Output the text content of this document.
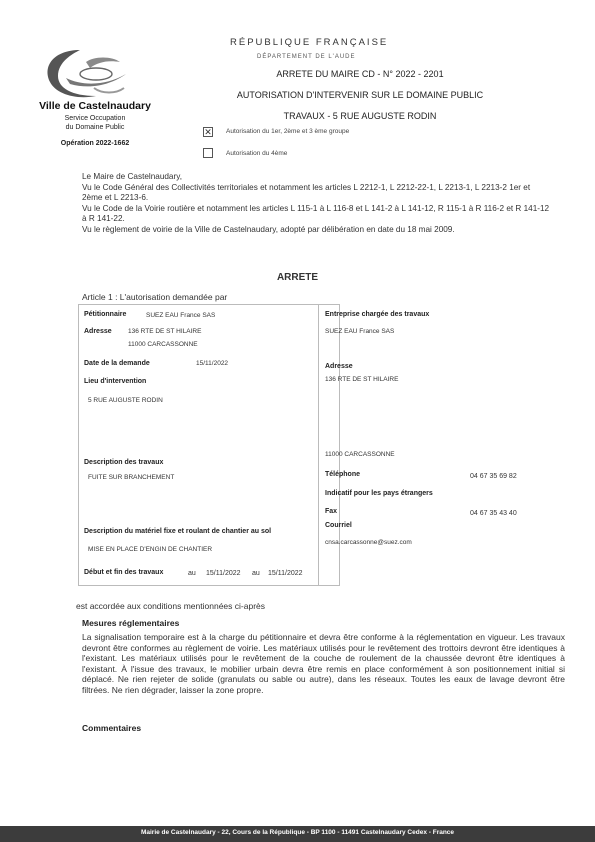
Ville de Castelnaudary
Service Occupation
du Domaine Public
Opération 2022-1662
RÉPUBLIQUE FRANÇAISE
DÉPARTEMENT DE L'AUDE
ARRETE DU MAIRE CD - N° 2022 - 2201
AUTORISATION D'INTERVENIR SUR LE DOMAINE PUBLIC
TRAVAUX - 5 RUE AUGUSTE RODIN
✕ Autorisation du 1er, 2ème et 3 ème groupe
Autorisation du 4ème

Le Maire de Castelnaudary,

Vu le Code Général des Collectivités territoriales et notamment les articles L 2212-1, L 2212-22-1, L 2213-1, L 2213-2 1er et 2ème et L 2213-6.

Vu le Code de la Voirie routière et notamment les articles L 115-1 à L 116-8 et L 141-2 à L 141-12, R 115-1 à R 116-2 et R 141-12 à R 141-22.

Vu le règlement de voirie de la Ville de Castelnaudary, adopté par délibération en date du 18 mai 2009.

ARRETE
Article 1 : L'autorisation demandée par
Pétitionnaire	SUEZ EAU France SAS
Adresse	136 RTE DE ST HILAIRE
11000 CARCASSONNE
Date de la demande	15/11/2022
Lieu d'intervention
5 RUE AUGUSTE RODIN
Description des travaux
FUITE SUR BRANCHEMENT
Description du matériel fixe et roulant de chantier au sol
MISE EN PLACE D'ENGIN DE CHANTIER
Début et fin des travaux	au 15/11/2022 au 15/11/2022
Entreprise chargée des travaux
SUEZ EAU France SAS
Adresse
136 RTE DE ST HILAIRE
11000 CARCASSONNE
Téléphone	04 67 35 69 82
Indicatif pour les pays étrangers
Fax	04 67 35 43 40
Courriel
cnsa.carcassonne@suez.com
est accordée aux conditions mentionnées ci-après
Mesures réglementaires
La signalisation temporaire est à la charge du pétitionnaire et devra être conforme à la réglementation en vigueur. Les travaux devront être conformes au règlement de voirie. Les matériaux utilisés pour le revêtement des trottoirs devront être identiques à l'existant. Les matériaux utilisés pour le revêtement de la couche de roulement de la chaussée devront être identiques à l'existant. À l'issue des travaux, le mobilier urbain devra être remis en place conformément à son positionnement initial si déplacé. Ne rien rejeter de solide (granulats ou sable ou autre), dans les réseaux. Toutes les eaux de lavage devront être filtrées. Ne rien dégrader, laisser la zone propre.
Commentaires
Mairie de Castelnaudary - 22, Cours de la République - BP 1100 - 11491 Castelnaudary Cedex - France
